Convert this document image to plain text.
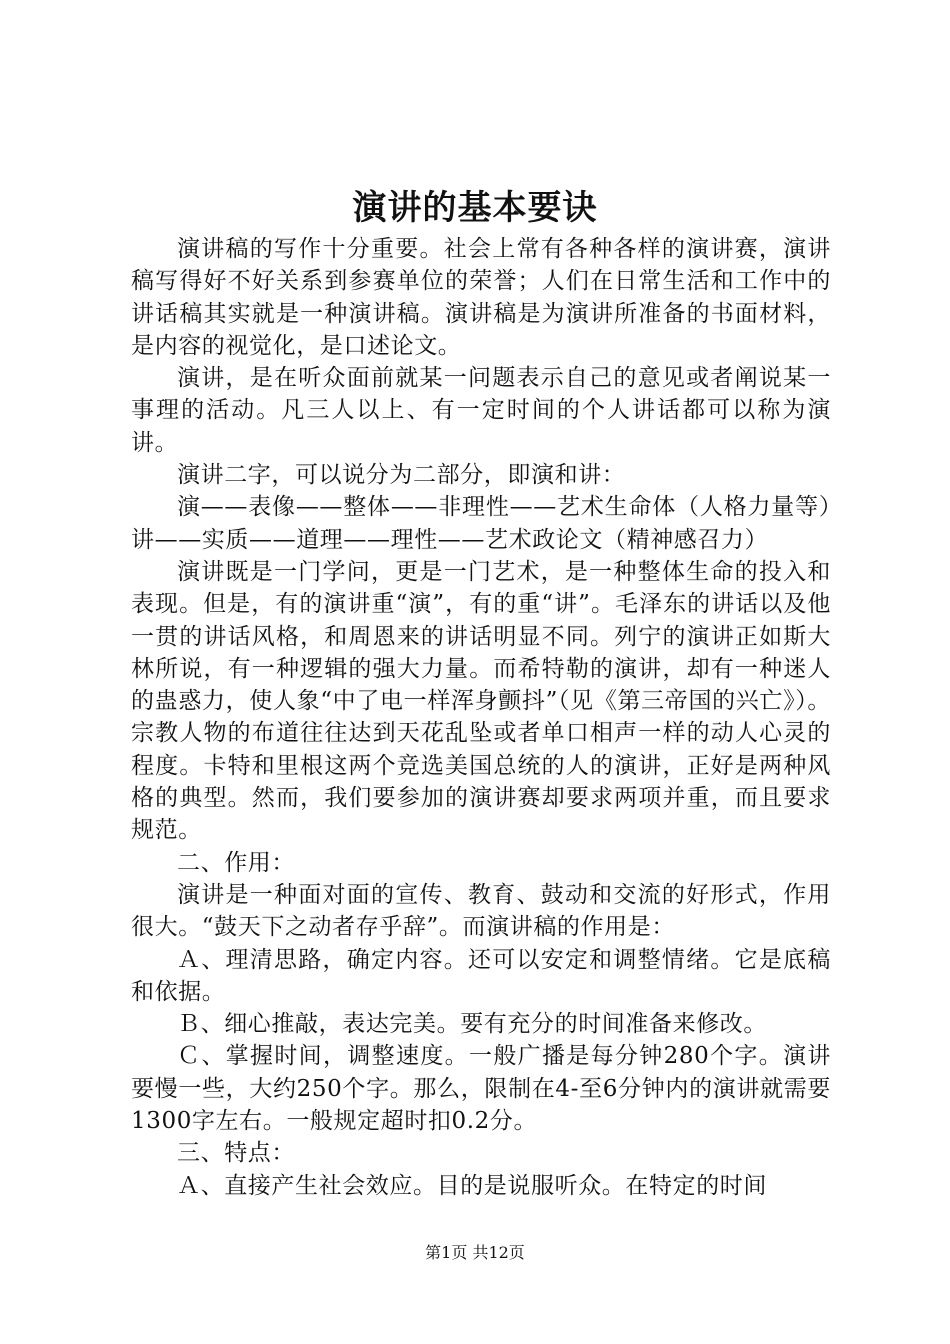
演讲的基本要诀

演讲稿的写作十分重要。社会上常有各种各样的演讲赛，演讲稿写得好不好关系到参赛单位的荣誉；人们在日常生活和工作中的讲话稿其实就是一种演讲稿。演讲稿是为演讲所准备的书面材料，是内容的视觉化，是口述论文。

演讲，是在听众面前就某一问题表示自己的意见或者阐说某一事理的活动。凡三人以上、有一定时间的个人讲话都可以称为演讲。

演讲二字，可以说分为二部分，即演和讲：

演——表像——整体——非理性——艺术生命体（人格力量等）讲——实质——道理——理性——艺术政论文（精神感召力）

演讲既是一门学问，更是一门艺术，是一种整体生命的投入和表现。但是，有的演讲重“演”，有的重“讲”。毛泽东的讲话以及他一贯的讲话风格，和周恩来的讲话明显不同。列宁的演讲正如斯大林所说，有一种逻辑的强大力量。而希特勒的演讲，却有一种迷人的蛊惑力，使人象“中了电一样浑身颤抖”（见《第三帝国的兴亡》）。宗教人物的布道往往达到天花乱坠或者单口相声一样的动人心灵的程度。卡特和里根这两个竞选美国总统的人的演讲，正好是两种风格的典型。然而，我们要参加的演讲赛却要求两项并重，而且要求规范。

二、作用：

演讲是一种面对面的宣传、教育、鼓动和交流的好形式，作用很大。“鼓天下之动者存乎辞”。而演讲稿的作用是：

Ａ、理清思路，确定内容。还可以安定和调整情绪。它是底稿和依据。

Ｂ、细心推敲，表达完美。要有充分的时间准备来修改。

Ｃ、掌握时间，调整速度。一般广播是每分钟280个字。演讲要慢一些，大约250个字。那么，限制在4-至6分钟内的演讲就需要1300字左右。一般规定超时扣0.2分。

三、特点：

Ａ、直接产生社会效应。目的是说服听众。在特定的时间

第1页 共12页
